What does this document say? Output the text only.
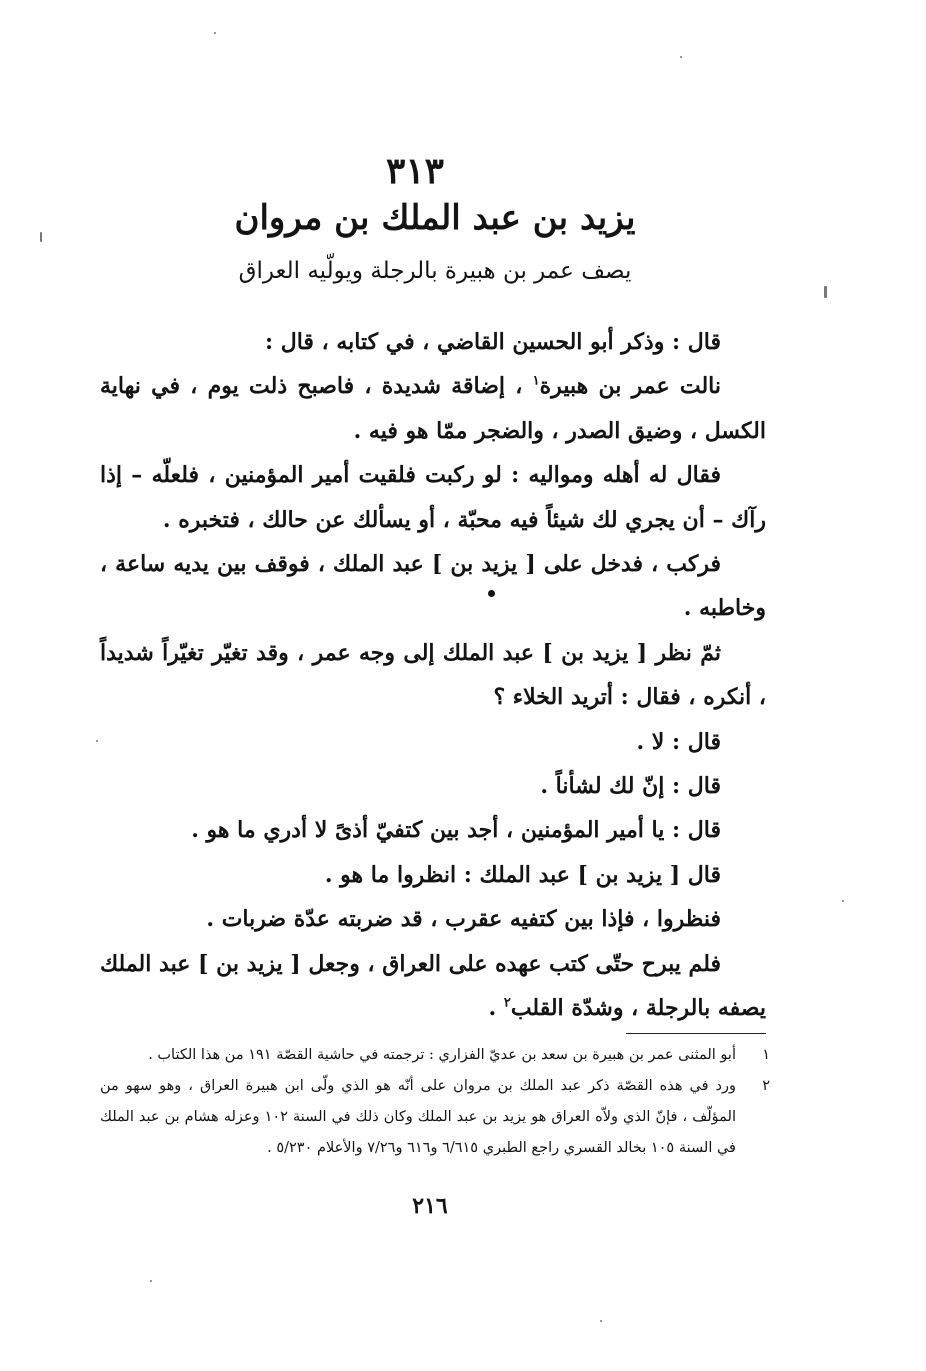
٣١٣
يزيد بن عبد الملك بن مروان
يصف عمر بن هبيرة بالرجلة ويولّيه العراق

قال : وذكر أبو الحسين القاضي ، في كتابه ، قال :

نالت عمر بن هبيرة$^١$ ، إضاقة شديدة ، فاصبح ذلت يوم ، في نهاية الكسل ، وضيق الصدر ، والضجر ممّا هو فيه .

فقال له أهله ومواليه : لو ركبت فلقيت أمير المؤمنين ، فلعلّه – إذا رآك – أن يجري لك شيئاً فيه محبّة ، أو يسألك عن حالك ، فتخبره .

فركب ، فدخل على [ يزيد بن ] عبد الملك ، فوقف بين يديه ساعة ، وخاطبه .

ثمّ نظر [ يزيد بن ] عبد الملك إلى وجه عمر ، وقد تغيّر تغيّراً شديداً ، أنكره ، فقال : أتريد الخلاء ؟

قال : لا .

قال : إنّ لك لشأناً .

قال : يا أمير المؤمنين ، أجد بين كتفيّ أذىً لا أدري ما هو .

قال [ يزيد بن ] عبد الملك : انظروا ما هو .

فنظروا ، فإذا بين كتفيه عقرب ، قد ضربته عدّة ضربات .

فلم يبرح حتّى كتب عهده على العراق ، وجعل [ يزيد بن ] عبد الملك يصفه بالرجلة ، وشدّة القلب$^٢$ .

١
أبو المثنى عمر بن هبيرة بن سعد بن عديّ الفزاري : ترجمته في حاشية القصّة ١٩١ من هذا الكتاب .
٢
ورد في هذه القصّة ذكر عبد الملك بن مروان على أنّه هو الذي ولّى ابن هبيرة العراق ، وهو سهو من المؤلّف ، فإنّ الذي ولاّه العراق هو يزيد بن عبد الملك وكان ذلك في السنة ١٠٢ وعزله هشام بن عبد الملك في السنة ١٠٥ بخالد القسري راجع الطبري ٦/٦١٥ و٦١٦ و٧/٢٦ والأعلام ٥/٢٣٠ .
٢١٦
